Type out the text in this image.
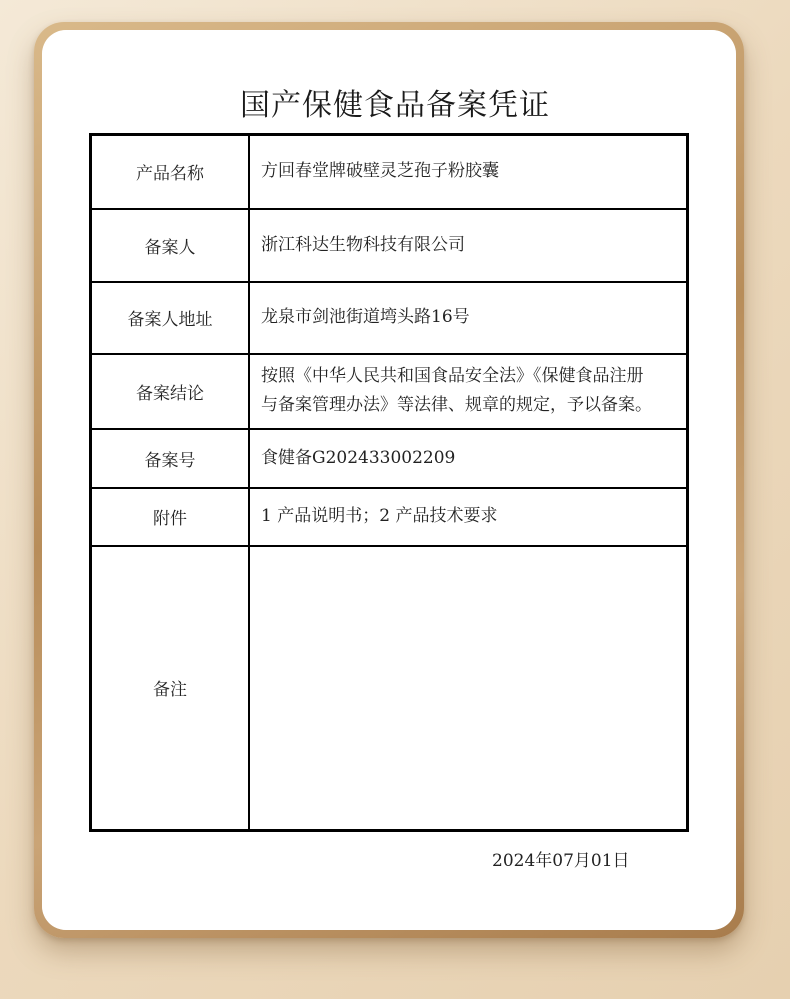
国产保健食品备案凭证
产品名称	方回春堂牌破壁灵芝孢子粉胶囊
备案人	浙江科达生物科技有限公司
备案人地址	龙泉市剑池街道塆头路16号
备案结论	按照《中华人民共和国食品安全法》《保健食品注册
与备案管理办法》等法律、规章的规定，予以备案。

备案号	食健备G202433002209
附件	1 产品说明书；2 产品技术要求
备注	
2024年07月01日
